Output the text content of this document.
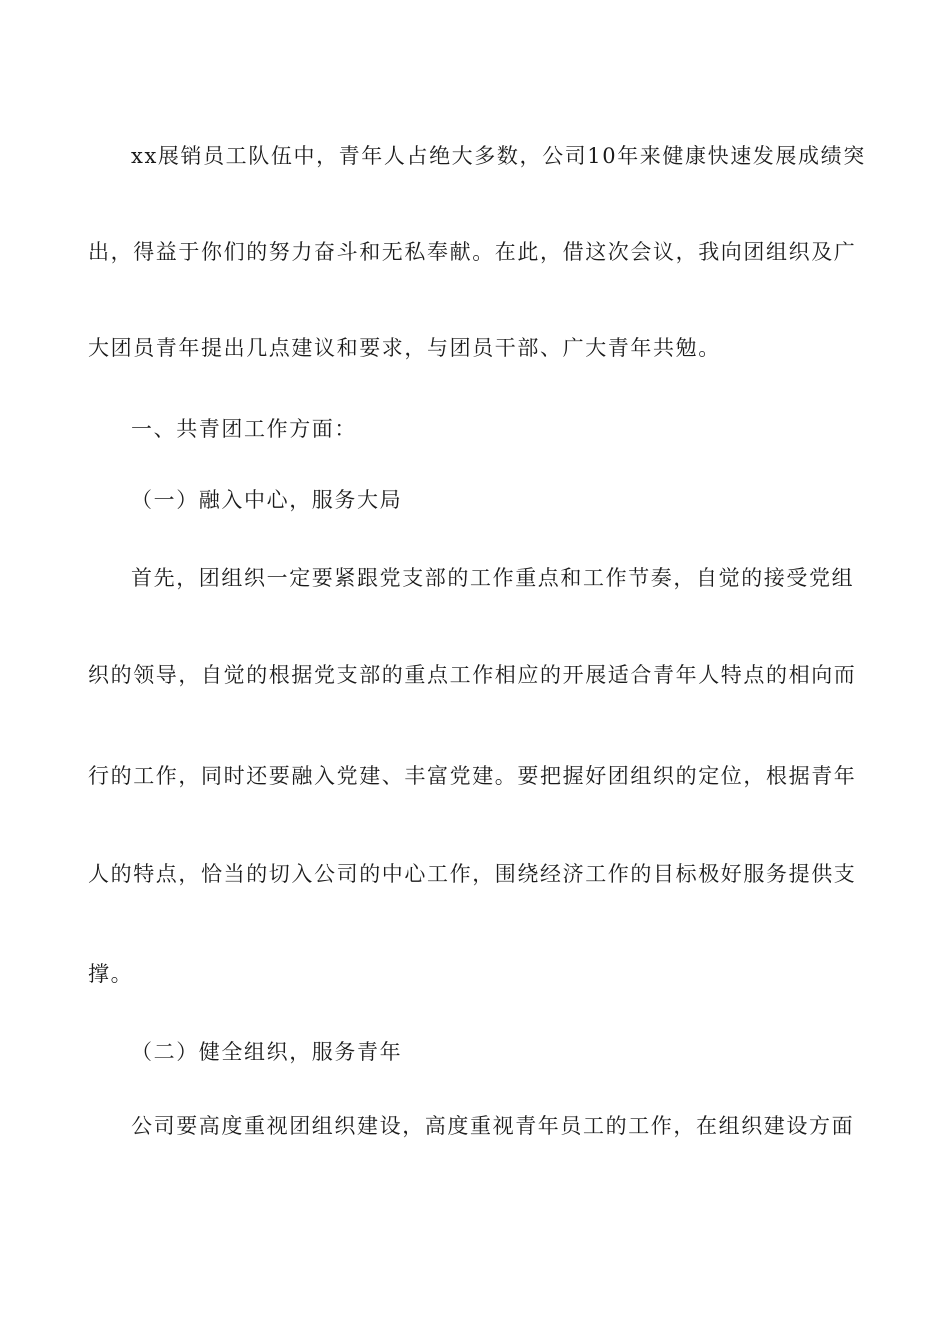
xx展销员工队伍中，青年人占绝大多数，公司10年来健康快速发展成绩突
出，得益于你们的努力奋斗和无私奉献。在此，借这次会议，我向团组织及广
大团员青年提出几点建议和要求，与团员干部、广大青年共勉。
一、共青团工作方面：
（一）融入中心，服务大局
首先，团组织一定要紧跟党支部的工作重点和工作节奏，自觉的接受党组
织的领导，自觉的根据党支部的重点工作相应的开展适合青年人特点的相向而
行的工作，同时还要融入党建、丰富党建。要把握好团组织的定位，根据青年
人的特点，恰当的切入公司的中心工作，围绕经济工作的目标极好服务提供支
撑。
（二）健全组织，服务青年
公司要高度重视团组织建设，高度重视青年员工的工作，在组织建设方面
